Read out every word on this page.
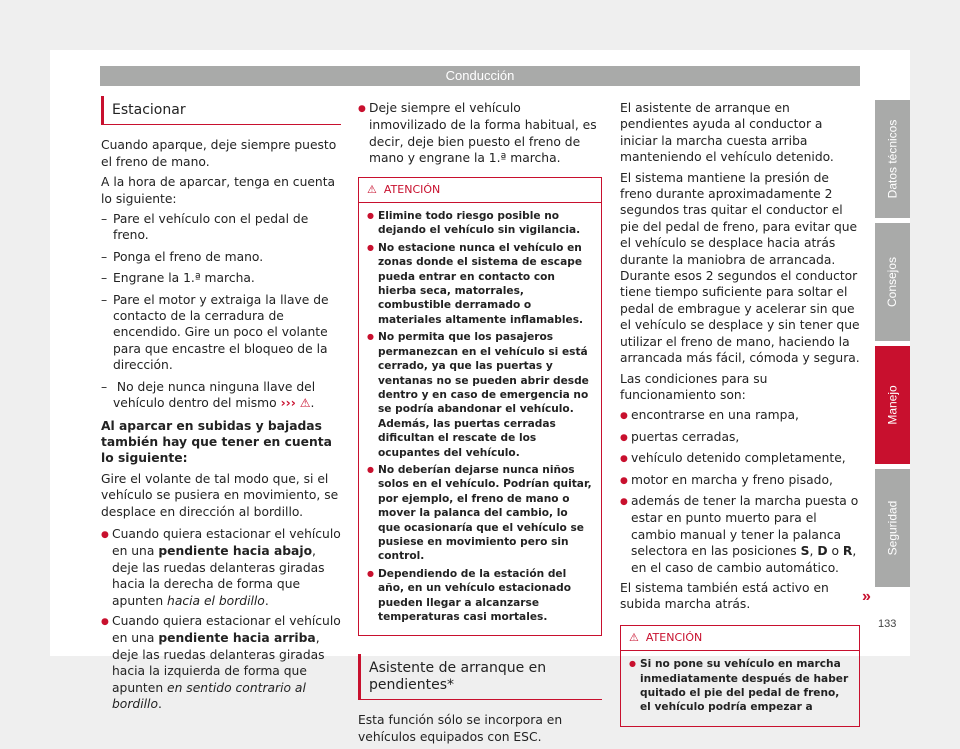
Conducción
Estacionar

Cuando aparque, deje siempre puesto el freno de mano.

A la hora de aparcar, tenga en cuenta lo siguiente:

– Pare el vehículo con el pedal de freno.
– Ponga el freno de mano.
– Engrane la 1.ª marcha.
– Pare el motor y extraiga la llave de contacto de la cerradura de encendido. Gire un poco el volante para que encastre el bloqueo de la dirección.
– No deje nunca ninguna llave del vehículo dentro del mismo ››› ⚠.

Al aparcar en subidas y bajadas también hay que tener en cuenta lo siguiente:

Gire el volante de tal modo que, si el vehículo se pusiera en movimiento, se desplace en dirección al bordillo.

● Cuando quiera estacionar el vehículo en una pendiente hacia abajo, deje las ruedas delanteras giradas hacia la derecha de forma que apunten hacia el bordillo.
● Cuando quiera estacionar el vehículo en una pendiente hacia arriba, deje las ruedas delanteras giradas hacia la izquierda de forma que apunten en sentido contrario al bordillo.
● Deje siempre el vehículo inmovilizado de la forma habitual, es decir, deje bien puesto el freno de mano y engrane la 1.ª marcha.
⚠ ATENCIÓN
● Elimine todo riesgo posible no dejando el vehículo sin vigilancia.
● No estacione nunca el vehículo en zonas donde el sistema de escape pueda entrar en contacto con hierba seca, matorrales, combustible derramado o materiales altamente inflamables.
● No permita que los pasajeros permanezcan en el vehículo si está cerrado, ya que las puertas y ventanas no se pueden abrir desde dentro y en caso de emergencia no se podría abandonar el vehículo. Además, las puertas cerradas dificultan el rescate de los ocupantes del vehículo.
● No deberían dejarse nunca niños solos en el vehículo. Podrían quitar, por ejemplo, el freno de mano o mover la palanca del cambio, lo que ocasionaría que el vehículo se pusiese en movimiento pero sin control.
● Dependiendo de la estación del año, en un vehículo estacionado pueden llegar a alcanzarse temperaturas casi mortales.
Asistente de arranque en pendientes*

Esta función sólo se incorpora en vehículos equipados con ESC.

El asistente de arranque en pendientes ayuda al conductor a iniciar la marcha cuesta arriba manteniendo el vehículo detenido.

El sistema mantiene la presión de freno durante aproximadamente 2 segundos tras quitar el conductor el pie del pedal de freno, para evitar que el vehículo se desplace hacia atrás durante la maniobra de arrancada. Durante esos 2 segundos el conductor tiene tiempo suficiente para soltar el pedal de embrague y acelerar sin que el vehículo se desplace y sin tener que utilizar el freno de mano, haciendo la arrancada más fácil, cómoda y segura.

Las condiciones para su funcionamiento son:

● encontrarse en una rampa,
● puertas cerradas,
● vehículo detenido completamente,
● motor en marcha y freno pisado,
● además de tener la marcha puesta o estar en punto muerto para el cambio manual y tener la palanca selectora en las posiciones S, D o R, en el caso de cambio automático.

El sistema también está activo en subida marcha atrás.

⚠ ATENCIÓN
● Si no pone su vehículo en marcha inmediatamente después de haber quitado el pie del pedal de freno, el vehículo podría empezar a
»
Datos técnicos
Consejos
Manejo
Seguridad
133
